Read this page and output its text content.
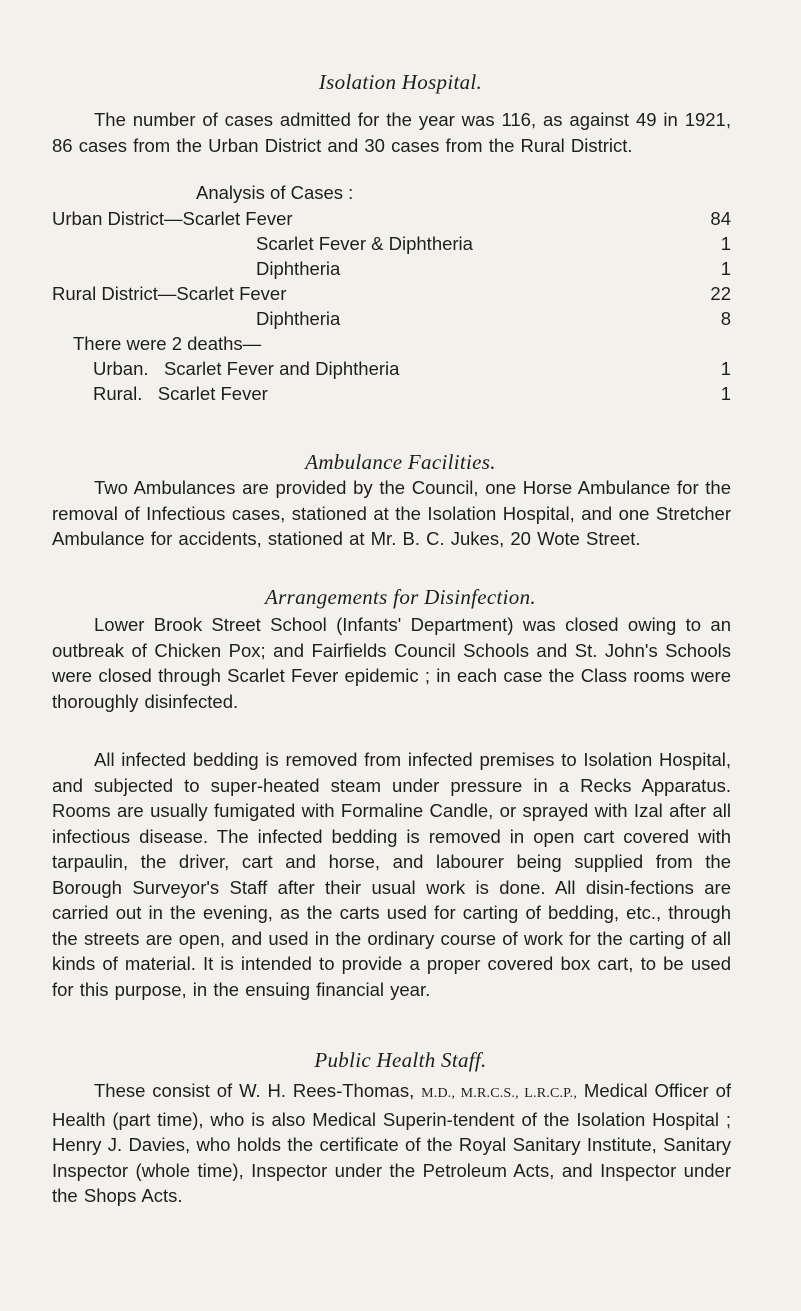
Isolation Hospital.

The number of cases admitted for the year was 116, as against 49 in 1921, 86 cases from the Urban District and 30 cases from the Rural District.

Analysis of Cases :
Urban District—Scarlet Fever	84
Scarlet Fever & Diphtheria	1
Diphtheria	1
Rural District—Scarlet Fever	22
Diphtheria	8
There were 2 deaths—
Urban.   Scarlet Fever and Diphtheria	1
Rural.   Scarlet Fever	1
Ambulance Facilities.

Two Ambulances are provided by the Council, one Horse Ambulance for the removal of Infectious cases, stationed at the Isolation Hospital, and one Stretcher Ambulance for accidents, stationed at Mr. B. C. Jukes, 20 Wote Street.

Arrangements for Disinfection.

Lower Brook Street School (Infants' Department) was closed owing to an outbreak of Chicken Pox; and Fairfields Council Schools and St. John's Schools were closed through Scarlet Fever epidemic ; in each case the Class rooms were thoroughly disinfected.

All infected bedding is removed from infected premises to Isolation Hospital, and subjected to super-heated steam under pressure in a Recks Apparatus. Rooms are usually fumigated with Formaline Candle, or sprayed with Izal after all infectious disease. The infected bedding is removed in open cart covered with tarpaulin, the driver, cart and horse, and labourer being supplied from the Borough Surveyor's Staff after their usual work is done. All disin-fections are carried out in the evening, as the carts used for carting of bedding, etc., through the streets are open, and used in the ordinary course of work for the carting of all kinds of material. It is intended to provide a proper covered box cart, to be used for this purpose, in the ensuing financial year.

Public Health Staff.

These consist of W. H. Rees-Thomas, M.D., M.R.C.S., L.R.C.P., Medical Officer of Health (part time), who is also Medical Superin-tendent of the Isolation Hospital ; Henry J. Davies, who holds the certificate of the Royal Sanitary Institute, Sanitary Inspector (whole time), Inspector under the Petroleum Acts, and Inspector under the Shops Acts.
